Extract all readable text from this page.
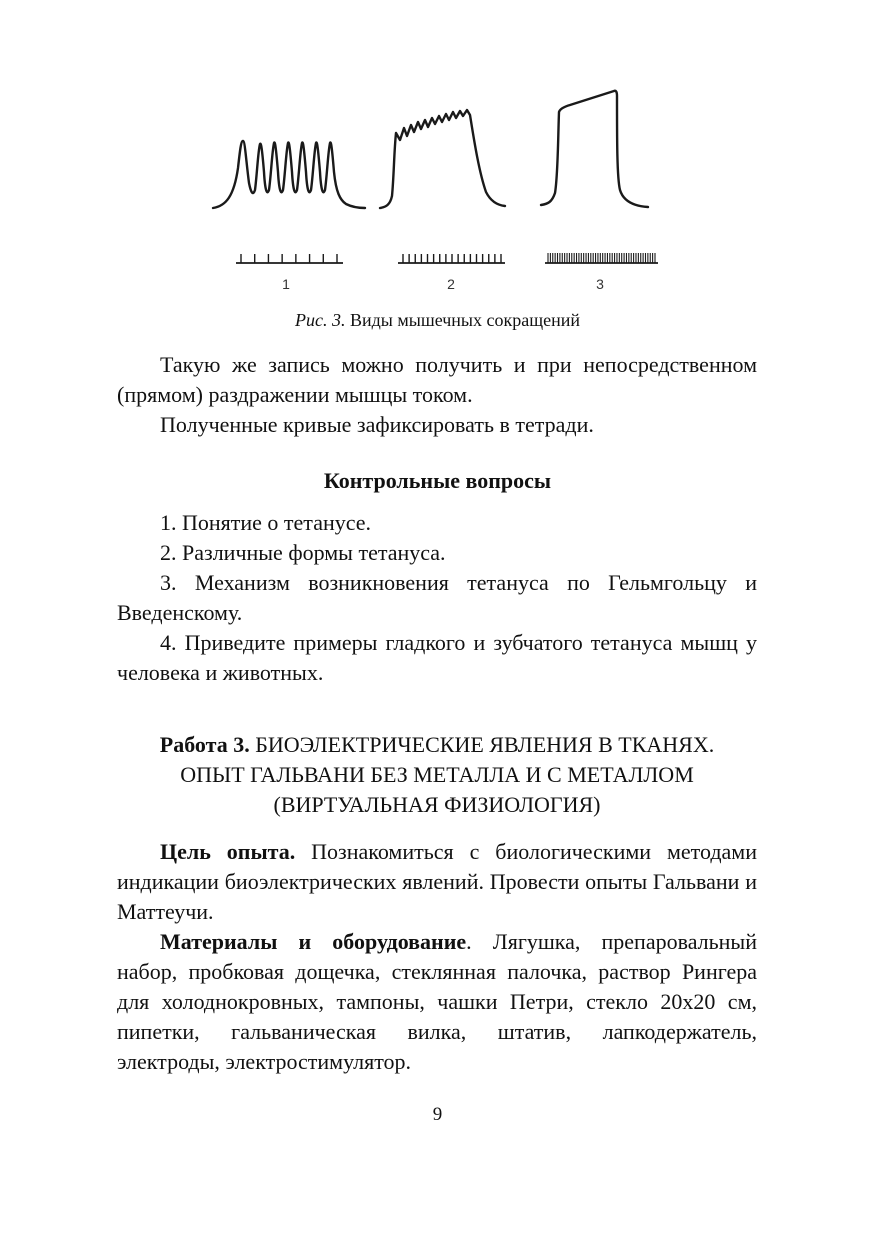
1	2	3
Рис. 3. Виды мышечных сокращений

Такую же запись можно получить и при непосредственном (прямом) раздражении мышцы током.

Полученные кривые зафиксировать в тетради.

Контрольные вопросы

1. Понятие о тетанусе.

2. Различные формы тетануса.

3. Механизм возникновения тетануса по Гельмгольцу и Введенскому.

4. Приведите примеры гладкого и зубчатого тетануса мышц у человека и животных.

Работа 3. БИОЭЛЕКТРИЧЕСКИЕ ЯВЛЕНИЯ В ТКАНЯХ.
ОПЫТ ГАЛЬВАНИ БЕЗ МЕТАЛЛА И С МЕТАЛЛОМ
(ВИРТУАЛЬНАЯ ФИЗИОЛОГИЯ)

Цель опыта. Познакомиться с биологическими методами индикации биоэлектрических явлений. Провести опыты Гальвани и Маттеучи.

Материалы и оборудование. Лягушка, препаровальный набор, пробковая дощечка, стеклянная палочка, раствор Рингера для холоднокровных, тампоны, чашки Петри, стекло 20х20 см, пипетки, гальваническая вилка, штатив, лапкодержатель, электроды, электростимулятор.

9
